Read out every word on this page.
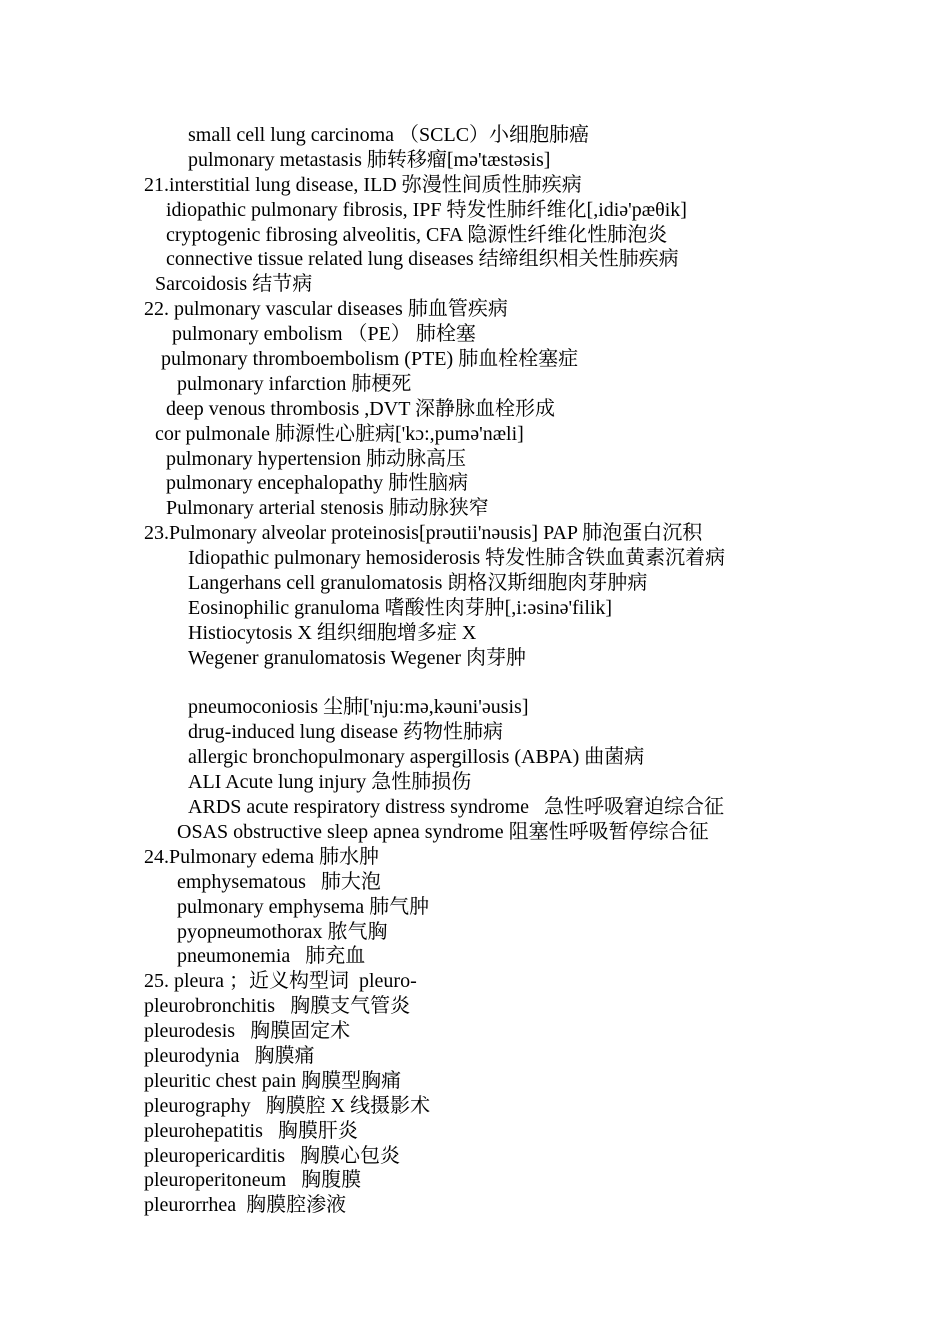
small cell lung carcinoma （SCLC）小细胞肺癌
pulmonary metastasis 肺转移瘤[mə'tæstəsis]
21.interstitial lung disease, ILD 弥漫性间质性肺疾病
idiopathic pulmonary fibrosis, IPF 特发性肺纤维化[,idiə'pæθik]
cryptogenic fibrosing alveolitis, CFA 隐源性纤维化性肺泡炎
connective tissue related lung diseases 结缔组织相关性肺疾病
Sarcoidosis 结节病
22. pulmonary vascular diseases 肺血管疾病
pulmonary embolism （PE） 肺栓塞
pulmonary thromboembolism (PTE) 肺血栓栓塞症
pulmonary infarction 肺梗死
deep venous thrombosis ,DVT 深静脉血栓形成
cor pulmonale 肺源性心脏病['kɔ:,pumə'næli]
pulmonary hypertension 肺动脉高压
pulmonary encephalopathy 肺性脑病
Pulmonary arterial stenosis 肺动脉狭窄
23.Pulmonary alveolar proteinosis[prəutii'nəusis] PAP 肺泡蛋白沉积
Idiopathic pulmonary hemosiderosis 特发性肺含铁血黄素沉着病
Langerhans cell granulomatosis 朗格汉斯细胞肉芽肿病
Eosinophilic granuloma 嗜酸性肉芽肿[,i:əsinə'filik]
Histiocytosis X 组织细胞增多症 X
Wegener granulomatosis Wegener 肉芽肿
pneumoconiosis 尘肺['nju:mə,kəuni'əusis]
drug-induced lung disease 药物性肺病
allergic bronchopulmonary aspergillosis (ABPA) 曲菌病
ALI Acute lung injury 急性肺损伤
ARDS acute respiratory distress syndrome   急性呼吸窘迫综合征
OSAS obstructive sleep apnea syndrome 阻塞性呼吸暂停综合征
24.Pulmonary edema 肺水肿
emphysematous   肺大泡
pulmonary emphysema 肺气肿
pyopneumothorax 脓气胸
pneumonemia   肺充血
25. pleura ；近义构型词  pleuro-
pleurobronchitis   胸膜支气管炎
pleurodesis   胸膜固定术
pleurodynia   胸膜痛
pleuritic chest pain 胸膜型胸痛
pleurography   胸膜腔 X 线摄影术
pleurohepatitis   胸膜肝炎
pleuropericarditis   胸膜心包炎
pleuroperitoneum   胸腹膜
pleurorrhea  胸膜腔渗液
